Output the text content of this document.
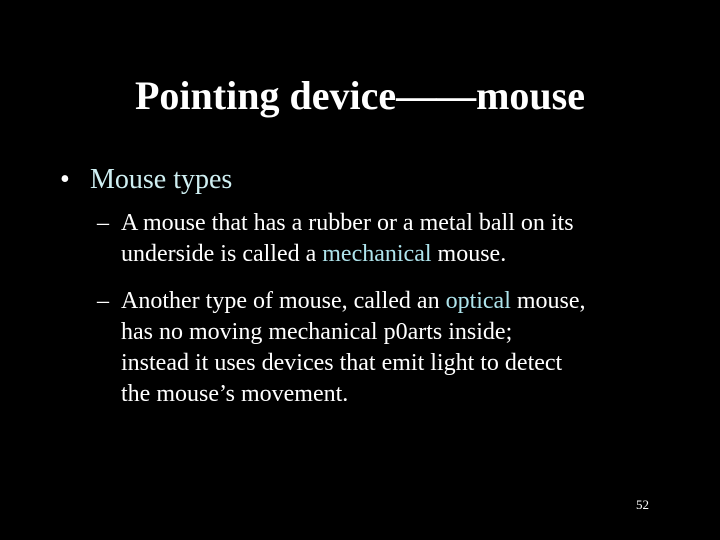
Pointing device——mouse
• Mouse types
– A mouse that has a rubber or a metal ball on its
underside is called a mechanical mouse.
– Another type of mouse, called an optical mouse,
has no moving mechanical p0arts inside;
instead it uses devices that emit light to detect
the mouse’s movement.
52
